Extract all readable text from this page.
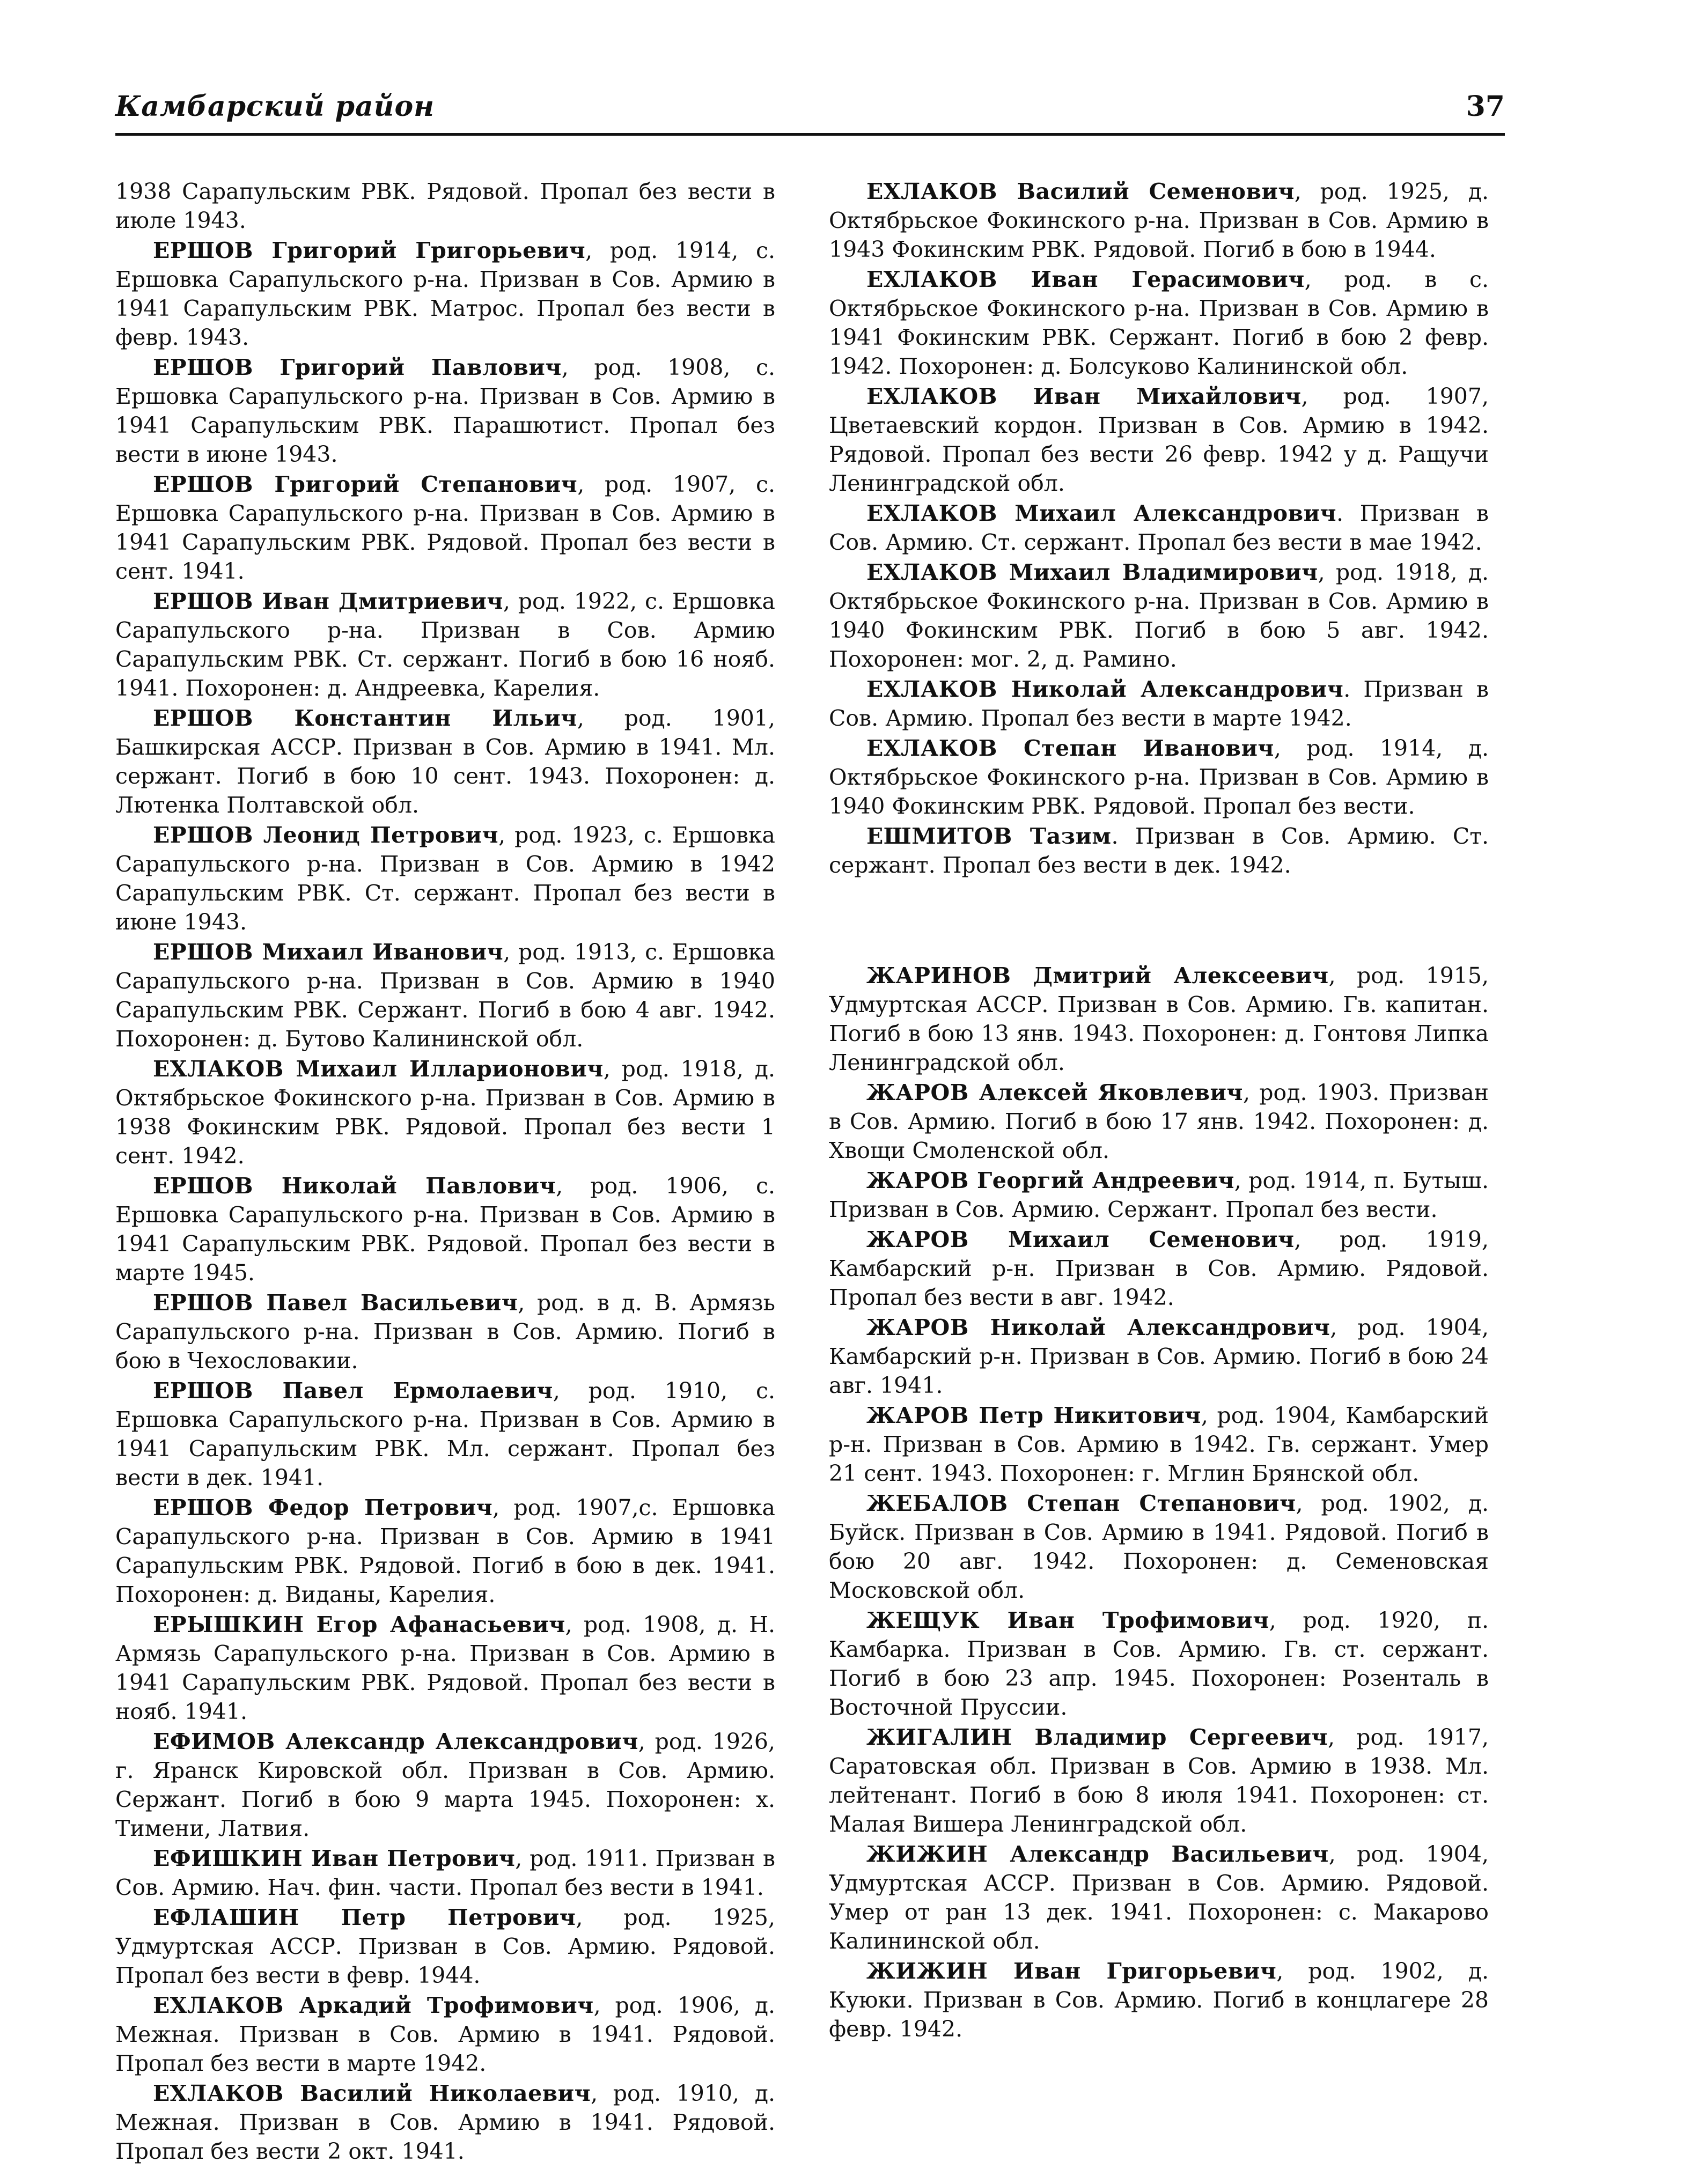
Камбарский район	37

1938 Сарапульским РВК. Рядовой. Пропал без вести в июле 1943.

ЕРШОВ Григорий Григорьевич, род. 1914, с. Ершовка Сарапульского р-на. Призван в Сов. Армию в 1941 Сарапульским РВК. Матрос. Пропал без вести в февр. 1943.

ЕРШОВ Григорий Павлович, род. 1908, с. Ершовка Сарапульского р-на. Призван в Сов. Армию в 1941 Сарапульским РВК. Парашютист. Пропал без вести в июне 1943.

ЕРШОВ Григорий Степанович, род. 1907, с. Ершовка Сарапульского р-на. Призван в Сов. Армию в 1941 Сарапульским РВК. Рядовой. Пропал без вести в сент. 1941.

ЕРШОВ Иван Дмитриевич, род. 1922, с. Ершовка Сарапульского р-на. Призван в Сов. Армию Сарапульским РВК. Ст. сержант. Погиб в бою 16 нояб. 1941. Похоронен: д. Андреевка, Карелия.

ЕРШОВ Константин Ильич, род. 1901, Башкирская АССР. Призван в Сов. Армию в 1941. Мл. сержант. Погиб в бою 10 сент. 1943. Похоронен: д. Лютенка Полтавской обл.

ЕРШОВ Леонид Петрович, род. 1923, с. Ершовка Сарапульского р-на. Призван в Сов. Армию в 1942 Сарапульским РВК. Ст. сержант. Пропал без вести в июне 1943.

ЕРШОВ Михаил Иванович, род. 1913, с. Ершовка Сарапульского р-на. Призван в Сов. Армию в 1940 Сарапульским РВК. Сержант. Погиб в бою 4 авг. 1942. Похоронен: д. Бутово Калининской обл.

ЕХЛАКОВ Михаил Илларионович, род. 1918, д. Октябрьское Фокинского р-на. Призван в Сов. Армию в 1938 Фокинским РВК. Рядовой. Пропал без вести 1 сент. 1942.

ЕРШОВ Николай Павлович, род. 1906, с. Ершовка Сарапульского р-на. Призван в Сов. Армию в 1941 Сарапульским РВК. Рядовой. Пропал без вести в марте 1945.

ЕРШОВ Павел Васильевич, род. в д. В. Армязь Сарапульского р-на. Призван в Сов. Армию. Погиб в бою в Чехословакии.

ЕРШОВ Павел Ермолаевич, род. 1910, с. Ершовка Сарапульского р-на. Призван в Сов. Армию в 1941 Сарапульским РВК. Мл. сержант. Пропал без вести в дек. 1941.

ЕРШОВ Федор Петрович, род. 1907,с. Ершовка Сарапульского р-на. Призван в Сов. Армию в 1941 Сарапульским РВК. Рядовой. Погиб в бою в дек. 1941. Похоронен: д. Виданы, Карелия.

ЕРЫШКИН Егор Афанасьевич, род. 1908, д. Н. Армязь Сарапульского р-на. Призван в Сов. Армию в 1941 Сарапульским РВК. Рядовой. Пропал без вести в нояб. 1941.

ЕФИМОВ Александр Александрович, род. 1926, г. Яранск Кировской обл. Призван в Сов. Армию. Сержант. Погиб в бою 9 марта 1945. Похоронен: х. Тимени, Латвия.

ЕФИШКИН Иван Петрович, род. 1911. Призван в Сов. Армию. Нач. фин. части. Пропал без вести в 1941.

ЕФЛАШИН Петр Петрович, род. 1925, Удмуртская АССР. Призван в Сов. Армию. Рядовой. Пропал без вести в февр. 1944.

ЕХЛАКОВ Аркадий Трофимович, род. 1906, д. Межная. Призван в Сов. Армию в 1941. Рядовой. Пропал без вести в марте 1942.

ЕХЛАКОВ Василий Николаевич, род. 1910, д. Межная. Призван в Сов. Армию в 1941. Рядовой. Пропал без вести 2 окт. 1941.

ЕХЛАКОВ Василий Семенович, род. 1925, д. Октябрьское Фокинского р-на. Призван в Сов. Армию в 1943 Фокинским РВК. Рядовой. Погиб в бою в 1944.

ЕХЛАКОВ Иван Герасимович, род. в с. Октябрьское Фокинского р-на. Призван в Сов. Армию в 1941 Фокинским РВК. Сержант. Погиб в бою 2 февр. 1942. Похоронен: д. Болсуково Калининской обл.

ЕХЛАКОВ Иван Михайлович, род. 1907, Цветаевский кордон. Призван в Сов. Армию в 1942. Рядовой. Пропал без вести 26 февр. 1942 у д. Ращучи Ленинградской обл.

ЕХЛАКОВ Михаил Александрович. Призван в Сов. Армию. Ст. сержант. Пропал без вести в мае 1942.

ЕХЛАКОВ Михаил Владимирович, род. 1918, д. Октябрьское Фокинского р-на. Призван в Сов. Армию в 1940 Фокинским РВК. Погиб в бою 5 авг. 1942. Похоронен: мог. 2, д. Рамино.

ЕХЛАКОВ Николай Александрович. Призван в Сов. Армию. Пропал без вести в марте 1942.

ЕХЛАКОВ Степан Иванович, род. 1914, д. Октябрьское Фокинского р-на. Призван в Сов. Армию в 1940 Фокинским РВК. Рядовой. Пропал без вести.

ЕШМИТОВ Тазим. Призван в Сов. Армию. Ст. сержант. Пропал без вести в дек. 1942.

ЖАРИНОВ Дмитрий Алексеевич, род. 1915, Удмуртская АССР. Призван в Сов. Армию. Гв. капитан. Погиб в бою 13 янв. 1943. Похоронен: д. Гонтовя Липка Ленинградской обл.

ЖАРОВ Алексей Яковлевич, род. 1903. Призван в Сов. Армию. Погиб в бою 17 янв. 1942. Похоронен: д. Хвощи Смоленской обл.

ЖАРОВ Георгий Андреевич, род. 1914, п. Бутыш. Призван в Сов. Армию. Сержант. Пропал без вести.

ЖАРОВ Михаил Семенович, род. 1919, Камбарский р-н. Призван в Сов. Армию. Рядовой. Пропал без вести в авг. 1942.

ЖАРОВ Николай Александрович, род. 1904, Камбарский р-н. Призван в Сов. Армию. Погиб в бою 24 авг. 1941.

ЖАРОВ Петр Никитович, род. 1904, Камбарский р-н. Призван в Сов. Армию в 1942. Гв. сержант. Умер 21 сент. 1943. Похоронен: г. Мглин Брянской обл.

ЖЕБАЛОВ Степан Степанович, род. 1902, д. Буйск. Призван в Сов. Армию в 1941. Рядовой. Погиб в бою 20 авг. 1942. Похоронен: д. Семеновская Московской обл.

ЖЕЩУК Иван Трофимович, род. 1920, п. Камбарка. Призван в Сов. Армию. Гв. ст. сержант. Погиб в бою 23 апр. 1945. Похоронен: Розенталь в Восточной Пруссии.

ЖИГАЛИН Владимир Сергеевич, род. 1917, Саратовская обл. Призван в Сов. Армию в 1938. Мл. лейтенант. Погиб в бою 8 июля 1941. Похоронен: ст. Малая Вишера Ленинградской обл.

ЖИЖИН Александр Васильевич, род. 1904, Удмуртская АССР. Призван в Сов. Армию. Рядовой. Умер от ран 13 дек. 1941. Похоронен: с. Макарово Калининской обл.

ЖИЖИН Иван Григорьевич, род. 1902, д. Куюки. Призван в Сов. Армию. Погиб в концлагере 28 февр. 1942.
